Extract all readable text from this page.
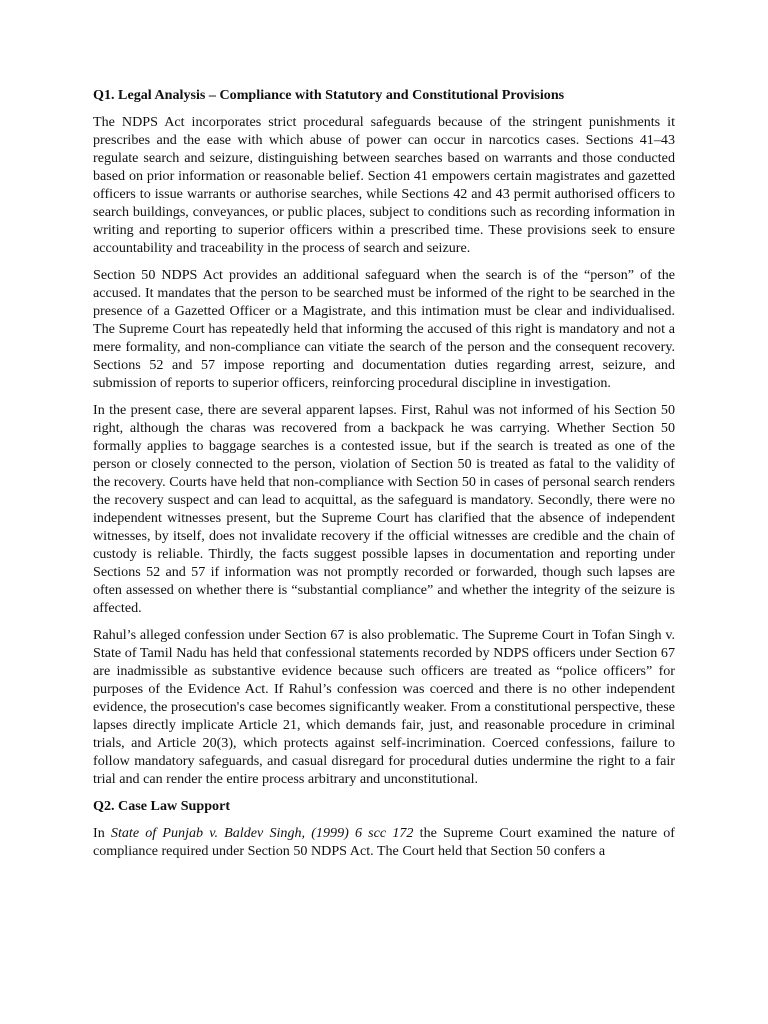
Q1. Legal Analysis – Compliance with Statutory and Constitutional Provisions

The NDPS Act incorporates strict procedural safeguards because of the stringent punishments it prescribes and the ease with which abuse of power can occur in narcotics cases. Sections 41–43 regulate search and seizure, distinguishing between searches based on warrants and those conducted based on prior information or reasonable belief. Section 41 empowers certain magistrates and gazetted officers to issue warrants or authorise searches, while Sections 42 and 43 permit authorised officers to search buildings, conveyances, or public places, subject to conditions such as recording information in writing and reporting to superior officers within a prescribed time. These provisions seek to ensure accountability and traceability in the process of search and seizure.

Section 50 NDPS Act provides an additional safeguard when the search is of the “person” of the accused. It mandates that the person to be searched must be informed of the right to be searched in the presence of a Gazetted Officer or a Magistrate, and this intimation must be clear and individualised. The Supreme Court has repeatedly held that informing the accused of this right is mandatory and not a mere formality, and non-compliance can vitiate the search of the person and the consequent recovery. Sections 52 and 57 impose reporting and documentation duties regarding arrest, seizure, and submission of reports to superior officers, reinforcing procedural discipline in investigation.

In the present case, there are several apparent lapses. First, Rahul was not informed of his Section 50 right, although the charas was recovered from a backpack he was carrying. Whether Section 50 formally applies to baggage searches is a contested issue, but if the search is treated as one of the person or closely connected to the person, violation of Section 50 is treated as fatal to the validity of the recovery. Courts have held that non-compliance with Section 50 in cases of personal search renders the recovery suspect and can lead to acquittal, as the safeguard is mandatory. Secondly, there were no independent witnesses present, but the Supreme Court has clarified that the absence of independent witnesses, by itself, does not invalidate recovery if the official witnesses are credible and the chain of custody is reliable. Thirdly, the facts suggest possible lapses in documentation and reporting under Sections 52 and 57 if information was not promptly recorded or forwarded, though such lapses are often assessed on whether there is “substantial compliance” and whether the integrity of the seizure is affected.

Rahul’s alleged confession under Section 67 is also problematic. The Supreme Court in Tofan Singh v. State of Tamil Nadu has held that confessional statements recorded by NDPS officers under Section 67 are inadmissible as substantive evidence because such officers are treated as “police officers” for purposes of the Evidence Act. If Rahul’s confession was coerced and there is no other independent evidence, the prosecution's case becomes significantly weaker. From a constitutional perspective, these lapses directly implicate Article 21, which demands fair, just, and reasonable procedure in criminal trials, and Article 20(3), which protects against self-incrimination. Coerced confessions, failure to follow mandatory safeguards, and casual disregard for procedural duties undermine the right to a fair trial and can render the entire process arbitrary and unconstitutional.

Q2. Case Law Support

In State of Punjab v. Baldev Singh, (1999) 6 scc 172 the Supreme Court examined the nature of compliance required under Section 50 NDPS Act. The Court held that Section 50 confers a
